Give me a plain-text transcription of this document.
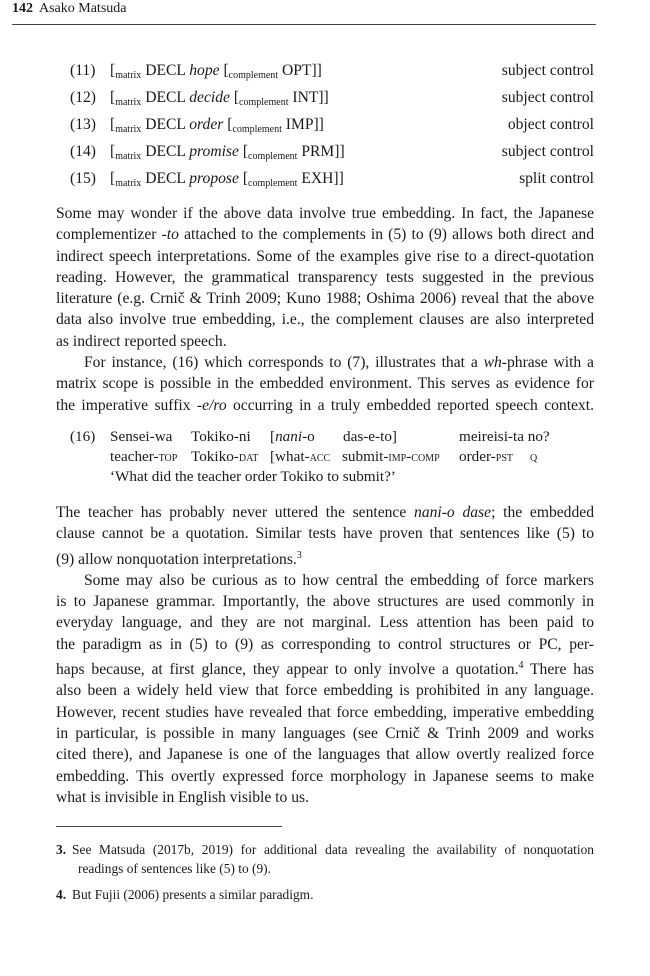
142 Asako Matsuda
(11) [$_{matrix}$ DECL hope [$_{complement}$ OPT]]	subject control
(12) [$_{matrix}$ DECL decide [$_{complement}$ INT]]	subject control
(13) [$_{matrix}$ DECL order [$_{complement}$ IMP]]	object control
(14) [$_{matrix}$ DECL promise [$_{complement}$ PRM]]	subject control
(15) [$_{matrix}$ DECL propose [$_{complement}$ EXH]]	split control

Some may wonder if the above data involve true embedding. In fact, the Japanese
complementizer -to attached to the complements in (5) to (9) allows both direct and
indirect speech interpretations. Some of the examples give rise to a direct-quotation
reading. However, the grammatical transparency tests suggested in the previous
literature (e.g. Crnič & Trinh 2009; Kuno 1988; Oshima 2006) reveal that the above
data also involve true embedding, i.e., the complement clauses are also interpreted
as indirect reported speech.
For instance, (16) which corresponds to (7), illustrates that a wh-phrase with a
matrix scope is possible in the embedded environment. This serves as evidence for
the imperative suffix -e/ro occurring in a truly embedded reported speech context.

(16) Sensei-wa Tokiko-ni [nani-o das-e-to]	meireisi-ta no?
teacher-top Tokiko-dat [what-acc submit-imp-comp order-pst q
‘What did the teacher order Tokiko to submit?’

The teacher has probably never uttered the sentence nani-o dase; the embedded
clause cannot be a quotation. Similar tests have proven that sentences like (5) to
(9) allow nonquotation interpretations.$^3$
Some may also be curious as to how central the embedding of force markers
is to Japanese grammar. Importantly, the above structures are used commonly in
everyday language, and they are not marginal. Less attention has been paid to
the paradigm as in (5) to (9) as corresponding to control structures or PC, per-
haps because, at first glance, they appear to only involve a quotation.$^4$ There has
also been a widely held view that force embedding is prohibited in any language.
However, recent studies have revealed that force embedding, imperative embedding
in particular, is possible in many languages (see Crnič & Trinh 2009 and works
cited there), and Japanese is one of the languages that allow overtly realized force
embedding. This overtly expressed force morphology in Japanese seems to make
what is invisible in English visible to us.

3. See Matsuda (2017b, 2019) for additional data revealing the availability of nonquotation
readings of sentences like (5) to (9).

4. But Fujii (2006) presents a similar paradigm.
